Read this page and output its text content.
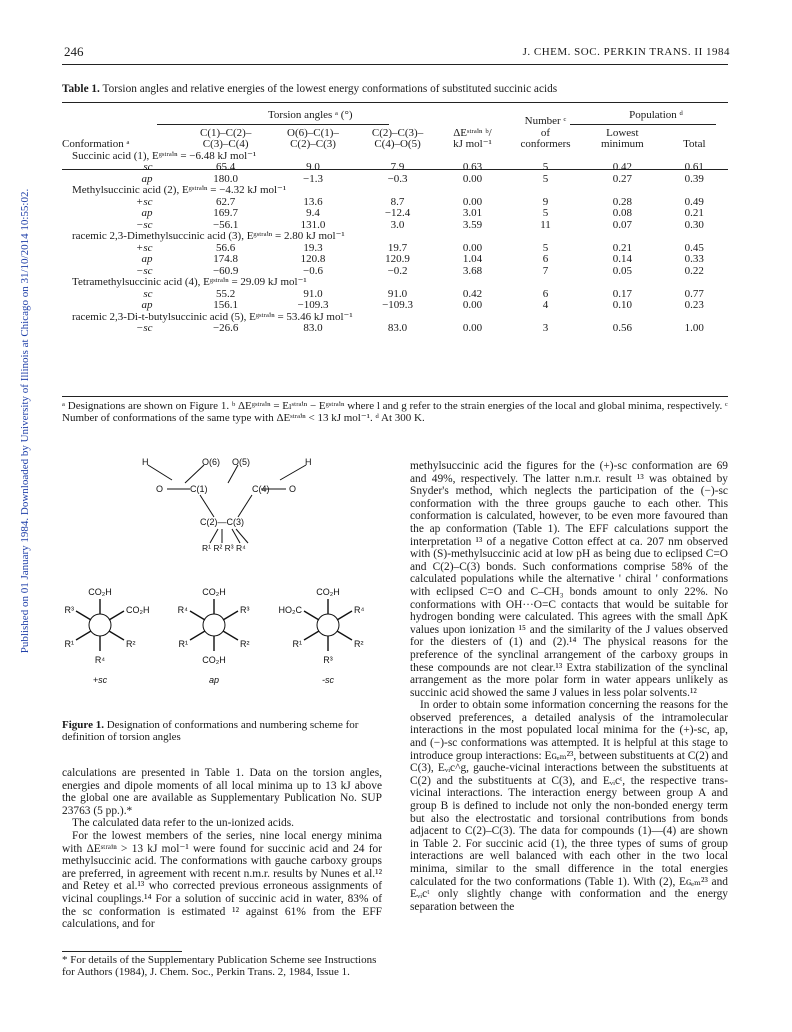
Published on 01 January 1984. Downloaded by University of Illinois at Chicago on 31/10/2014 10:55:02.
246	J. CHEM. SOC. PERKIN TRANS. II 1984
Table 1. Torsion angles and relative energies of the lowest energy conformations of substituted succinic acids
	Torsion angles ᵃ (°)				Number ᶜ	Population ᵈ	
	C(1)–C(2)–	O(6)–C(1)–	C(2)–C(3)–	ΔEˢᵗʳᵃⁱⁿ ᵇ/	of	Lowest	
Conformation ᵃ	C(3)–C(4)	C(2)–C(3)	C(4)–O(5)	kJ mol⁻¹	conformers	minimum	Total
Succinic acid (1), Eᵍˢᵗʳᵃⁱⁿ = −6.48 kJ mol⁻¹							
sc	65.4	9.0	7.9	0.63	5	0.42	0.61
ap	180.0	−1.3	−0.3	0.00	5	0.27	0.39
Methylsuccinic acid (2), Eᵍˢᵗʳᵃⁱⁿ = −4.32 kJ mol⁻¹							
+sc	62.7	13.6	8.7	0.00	9	0.28	0.49
ap	169.7	9.4	−12.4	3.01	5	0.08	0.21
−sc	−56.1	131.0	3.0	3.59	11	0.07	0.30
racemic 2,3-Dimethylsuccinic acid (3), Eᵍˢᵗʳᵃⁱⁿ = 2.80 kJ mol⁻¹							
+sc	56.6	19.3	19.7	0.00	5	0.21	0.45
ap	174.8	120.8	120.9	1.04	6	0.14	0.33
−sc	−60.9	−0.6	−0.2	3.68	7	0.05	0.22
Tetramethylsuccinic acid (4), Eᵍˢᵗʳᵃⁱⁿ = 29.09 kJ mol⁻¹							
sc	55.2	91.0	91.0	0.42	6	0.17	0.77
ap	156.1	−109.3	−109.3	0.00	4	0.10	0.23
racemic 2,3-Di-t-butylsuccinic acid (5), Eᵍˢᵗʳᵃⁱⁿ = 53.46 kJ mol⁻¹							
−sc	−26.6	83.0	83.0	0.00	3	0.56	1.00
ᵃ Designations are shown on Figure 1. ᵇ ΔEᵍˢᵗʳᵃⁱⁿ = Eₗˢᵗʳᵃⁱⁿ − Eᵍˢᵗʳᵃⁱⁿ where l and g refer to the strain energies of the local and global minima, respectively. ᶜ Number of conformations of the same type with ΔEˢᵗʳᵃⁱⁿ < 13 kJ mol⁻¹. ᵈ At 300 K.
H	O(6) O(5)	H
O	C(1)	C(4) O
C(2)—C(3)
R¹ R² R³ R⁴
CO₂H
R³	CO₂H
R¹	R²
R⁴
+sc
CO₂H
R⁴	R³
R¹	R²
CO₂H
ap
CO₂H
HO₂C	R⁴
R¹	R²
R³
-sc
Figure 1. Designation of conformations and numbering scheme for definition of torsion angles

calculations are presented in Table 1. Data on the torsion angles, energies and dipole moments of all local minima up to 13 kJ above the global one are available as Supplementary Publication No. SUP 23763 (5 pp.).*

The calculated data refer to the un-ionized acids.

For the lowest members of the series, nine local energy minima with ΔEˢᵗʳᵃⁱⁿ > 13 kJ mol⁻¹ were found for succinic acid and 24 for methylsuccinic acid. The conformations with gauche carboxy groups are preferred, in agreement with recent n.m.r. results by Nunes et al.¹² and Retey et al.¹³ who corrected previous erroneous assignments of vicinal couplings.¹⁴ For a solution of succinic acid in water, 83% of the sc conformation is estimated ¹² against 61% from the EFF calculations, and for

* For details of the Supplementary Publication Scheme see Instructions for Authors (1984), J. Chem. Soc., Perkin Trans. 2, 1984, Issue 1.

methylsuccinic acid the figures for the (+)-sc conformation are 69 and 49%, respectively. The latter n.m.r. result ¹³ was obtained by Snyder's method, which neglects the participation of the (−)-sc conformation with the three groups gauche to each other. This conformation is calculated, however, to be even more favoured than the ap conformation (Table 1). The EFF calculations support the interpretation ¹³ of a negative Cotton effect at ca. 207 nm observed with (S)-methylsuccinic acid at low pH as being due to eclipsed C=O and C(2)–C(3) bonds. Such conformations comprise 58% of the calculated populations while the alternative ' chiral ' conformations with eclipsed C=O and C–CH₃ bonds amount to only 22%. No conformations with OH···O=C contacts that would be suitable for hydrogen bonding were calculated. This agrees with the small ΔpK values upon ionization ¹⁵ and the similarity of the J values observed for the diesters of (1) and (2).¹⁴ The physical reasons for the preference of the synclinal arrangement of the carboxy groups in these compounds are not clear.¹³ Extra stabilization of the synclinal arrangement as the more polar form in water appears unlikely as succinic acid showed the same J values in less polar solvents.¹²

In order to obtain some information concerning the reasons for the observed preferences, a detailed analysis of the intramolecular interactions in the most populated local minima for the (+)-sc, ap, and (−)-sc conformations was attempted. It is helpful at this stage to introduce group interactions: Eɢₑₘ²³, between substituents at C(2) and C(3), Eᵥᵢc^g, gauche-vicinal interactions between the substituents at C(2) and the substituents at C(3), and Eᵥᵢcᵗ, the respective trans-vicinal interactions. The interaction energy between group A and group B is defined to include not only the non-bonded energy term but also the electrostatic and torsional contributions from bonds adjacent to C(2)–C(3). The data for compounds (1)—(4) are shown in Table 2. For succinic acid (1), the three types of sums of group interactions are well balanced with each other in the two local minima, similar to the small difference in the total energies calculated for the two conformations (Table 1). With (2), Eɢₑₘ²³ and Eᵥᵢcᵗ only slightly change with conformation and the energy separation between the
